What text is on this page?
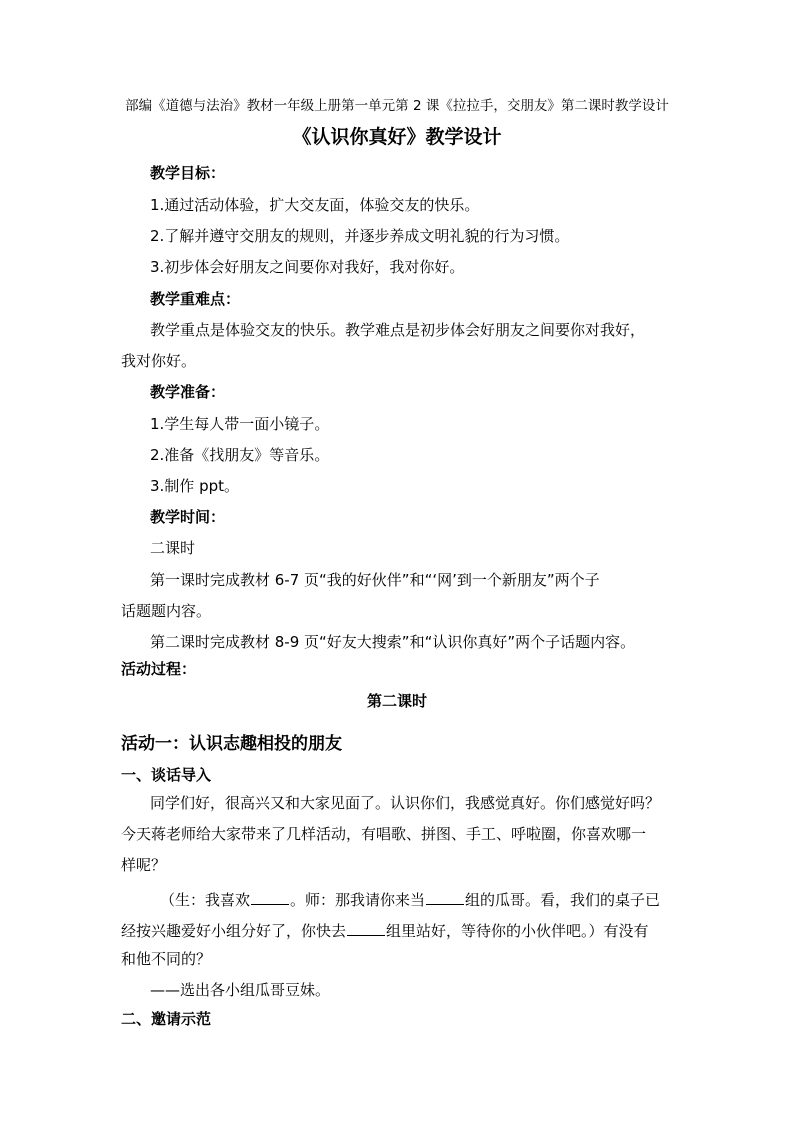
部编《道德与法治》教材一年级上册第一单元第 2 课《拉拉手，交朋友》第二课时教学设计
《认识你真好》教学设计
教学目标：
1.通过活动体验，扩大交友面，体验交友的快乐。
2.了解并遵守交朋友的规则，并逐步养成文明礼貌的行为习惯。
3.初步体会好朋友之间要你对我好，我对你好。
教学重难点：
教学重点是体验交友的快乐。教学难点是初步体会好朋友之间要你对我好，
我对你好。
教学准备：
1.学生每人带一面小镜子。
2.准备《找朋友》等音乐。
3.制作 ppt。
教学时间：
二课时
第一课时完成教材 6-7 页“我的好伙伴”和“‘网’到一个新朋友”两个子
话题题内容。
第二课时完成教材 8-9 页“好友大搜索”和“认识你真好”两个子话题内容。
活动过程：
第二课时
活动一：认识志趣相投的朋友
一、谈话导入
同学们好，很高兴又和大家见面了。认识你们，我感觉真好。你们感觉好吗？
今天蒋老师给大家带来了几样活动，有唱歌、拼图、手工、呼啦圈，你喜欢哪一
样呢？
（生：我喜欢	。师：那我请你来当	组的瓜哥。看，我们的桌子已
经按兴趣爱好小组分好了，你快去	组里站好，等待你的小伙伴吧。）有没有
和他不同的？
——选出各小组瓜哥豆妹。
二、邀请示范
